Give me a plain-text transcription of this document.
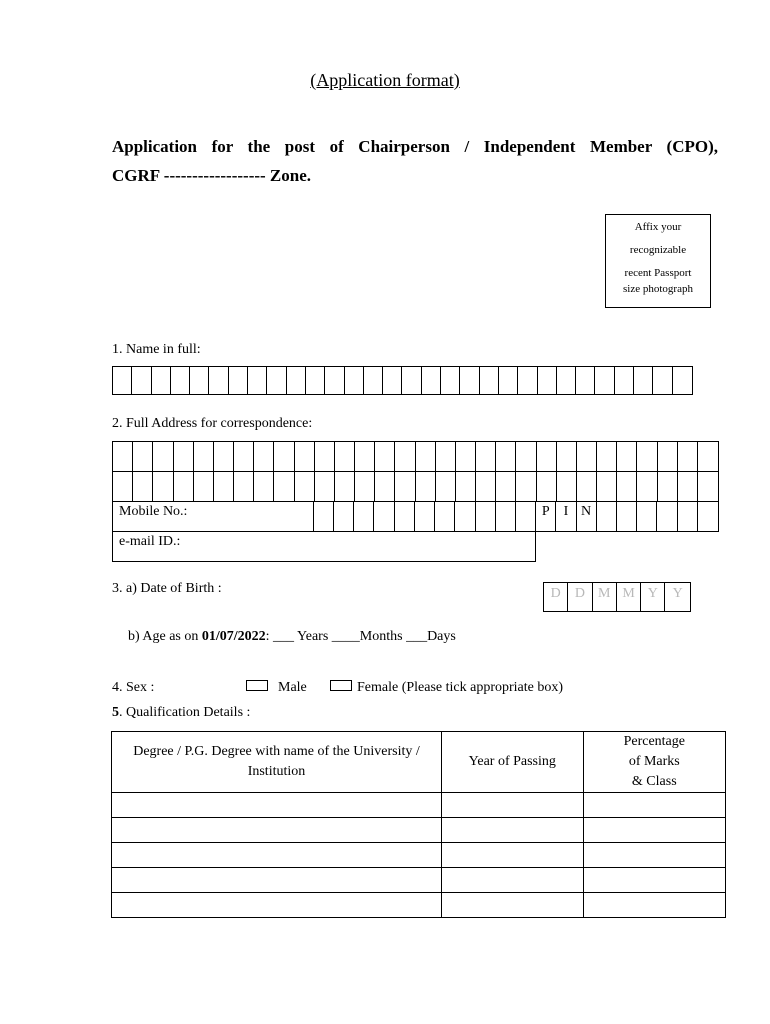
(Application format)
Application for the post of Chairperson / Independent Member (CPO),
CGRF ------------------ Zone.
Affix your
recognizable
recent Passport
size photograph
1. Name in full:
2. Full Address for correspondence:
Mobile No.:	P I N
e-mail ID.:
3. a) Date of Birth :	D	D M M Y	Y
b) Age as on 01/07/2022: ___ Years ____Months ___Days
4. Sex :	Male	Female (Please tick appropriate box)
5. Qualification Details :
Degree / P.G. Degree with name of the University / Institution	Year of Passing	Percentage of Marks & Class
